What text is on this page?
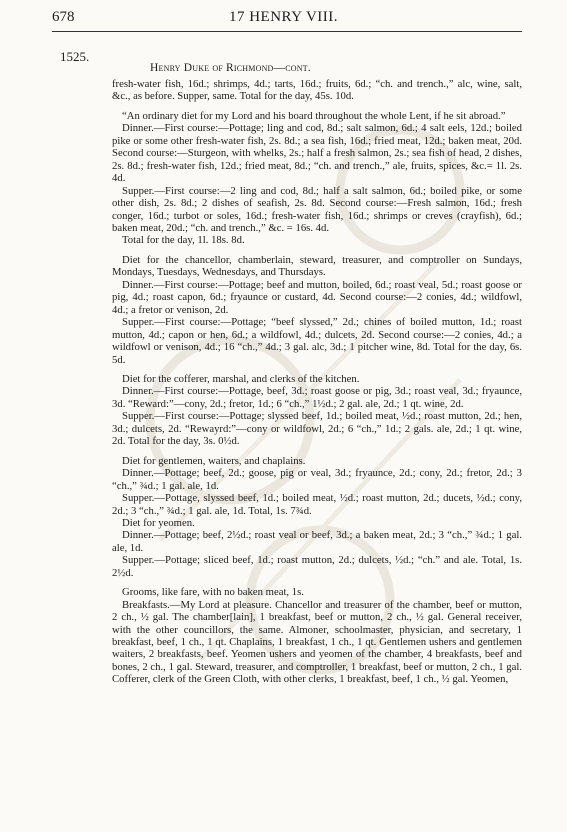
678	17 HENRY VIII.
1525.
Henry Duke of Richmond—cont.

fresh-water fish, 16d.; shrimps, 4d.; tarts, 16d.; fruits, 6d.; “ch. and trench.,” alc, wine, salt, &c., as before. Supper, same. Total for the day, 45s. 10d.

“An ordinary diet for my Lord and his board throughout the whole Lent, if he sit abroad.”

Dinner.—First course:—Pottage; ling and cod, 8d.; salt salmon, 6d.; 4 salt eels, 12d.; boiled pike or some other fresh-water fish, 2s. 8d.; a sea fish, 16d.; fried meat, 12d.; baken meat, 20d. Second course:—Sturgeon, with whelks, 2s.; half a fresh salmon, 2s.; sea fish of head, 2 dishes, 2s. 8d.; fresh-water fish, 12d.; fried meat, 8d.; “ch. and trench.,” ale, fruits, spices, &c.= 1l. 2s. 4d.

Supper.—First course:—2 ling and cod, 8d.; half a salt salmon, 6d.; boiled pike, or some other dish, 2s. 8d.; 2 dishes of seafish, 2s. 8d. Second course:—Fresh salmon, 16d.; fresh conger, 16d.; turbot or soles, 16d.; fresh-water fish, 16d.; shrimps or creves (crayfish), 6d.; baken meat, 20d.; “ch. and trench.,” &c. = 16s. 4d.

Total for the day, 1l. 18s. 8d.

Diet for the chancellor, chamberlain, steward, treasurer, and comptroller on Sundays, Mondays, Tuesdays, Wednesdays, and Thursdays.

Dinner.—First course:—Pottage; beef and mutton, boiled, 6d.; roast veal, 5d.; roast goose or pig, 4d.; roast capon, 6d.; fryaunce or custard, 4d. Second course:—2 conies, 4d.; wildfowl, 4d.; a fretor or venison, 2d.

Supper.—First course:—Pottage; “beef slyssed,” 2d.; chines of boiled mutton, 1d.; roast mutton, 4d.; capon or hen, 6d.; a wildfowl, 4d.; dulcets, 2d. Second course:—2 conies, 4d.; a wildfowl or venison, 4d.; 16 “ch.,” 4d.; 3 gal. alc, 3d.; 1 pitcher wine, 8d. Total for the day, 6s. 5d.

Diet for the cofferer, marshal, and clerks of the kitchen.

Dinner.—First course:—Pottage, beef, 3d.; roast goose or pig, 3d.; roast veal, 3d.; fryaunce, 3d. “Reward:”—cony, 2d.; fretor, 1d.; 6 “ch.,” 1½d.; 2 gal. ale, 2d.; 1 qt. wine, 2d.

Supper.—First course:—Pottage; slyssed beef, 1d.; boiled meat, ½d.; roast mutton, 2d.; hen, 3d.; dulcets, 2d. “Rewayrd:”—cony or wildfowl, 2d.; 6 “ch.,” 1d.; 2 gals. ale, 2d.; 1 qt. wine, 2d. Total for the day, 3s. 0½d.

Diet for gentlemen, waiters, and chaplains.

Dinner.—Pottage; beef, 2d.; goose, pig or veal, 3d.; fryaunce, 2d.; cony, 2d.; fretor, 2d.; 3 “ch.,” ¾d.; 1 gal. ale, 1d.

Supper.—Pottage, slyssed beef, 1d.; boiled meat, ½d.; roast mutton, 2d.; ducets, ½d.; cony, 2d.; 3 “ch.,” ¾d.; 1 gal. ale, 1d. Total, 1s. 7¾d.

Diet for yeomen.

Dinner.—Pottage; beef, 2½d.; roast veal or beef, 3d.; a baken meat, 2d.; 3 “ch.,” ¾d.; 1 gal. ale, 1d.

Supper.—Pottage; sliced beef, 1d.; roast mutton, 2d.; dulcets, ½d.; “ch.” and ale. Total, 1s. 2½d.

Grooms, like fare, with no baken meat, 1s.

Breakfasts.—My Lord at pleasure. Chancellor and treasurer of the chamber, beef or mutton, 2 ch., ½ gal. The chamber[lain], 1 breakfast, beef or mutton, 2 ch., ½ gal. General receiver, with the other councillors, the same. Almoner, schoolmaster, physician, and secretary, 1 breakfast, beef, 1 ch., 1 qt. Chaplains, 1 breakfast, 1 ch., 1 qt. Gentlemen ushers and gentlemen waiters, 2 breakfasts, beef. Yeomen ushers and yeomen of the chamber, 4 breakfasts, beef and bones, 2 ch., 1 gal. Steward, treasurer, and comptroller, 1 breakfast, beef or mutton, 2 ch., 1 gal. Cofferer, clerk of the Green Cloth, with other clerks, 1 breakfast, beef, 1 ch., ½ gal. Yeomen,
